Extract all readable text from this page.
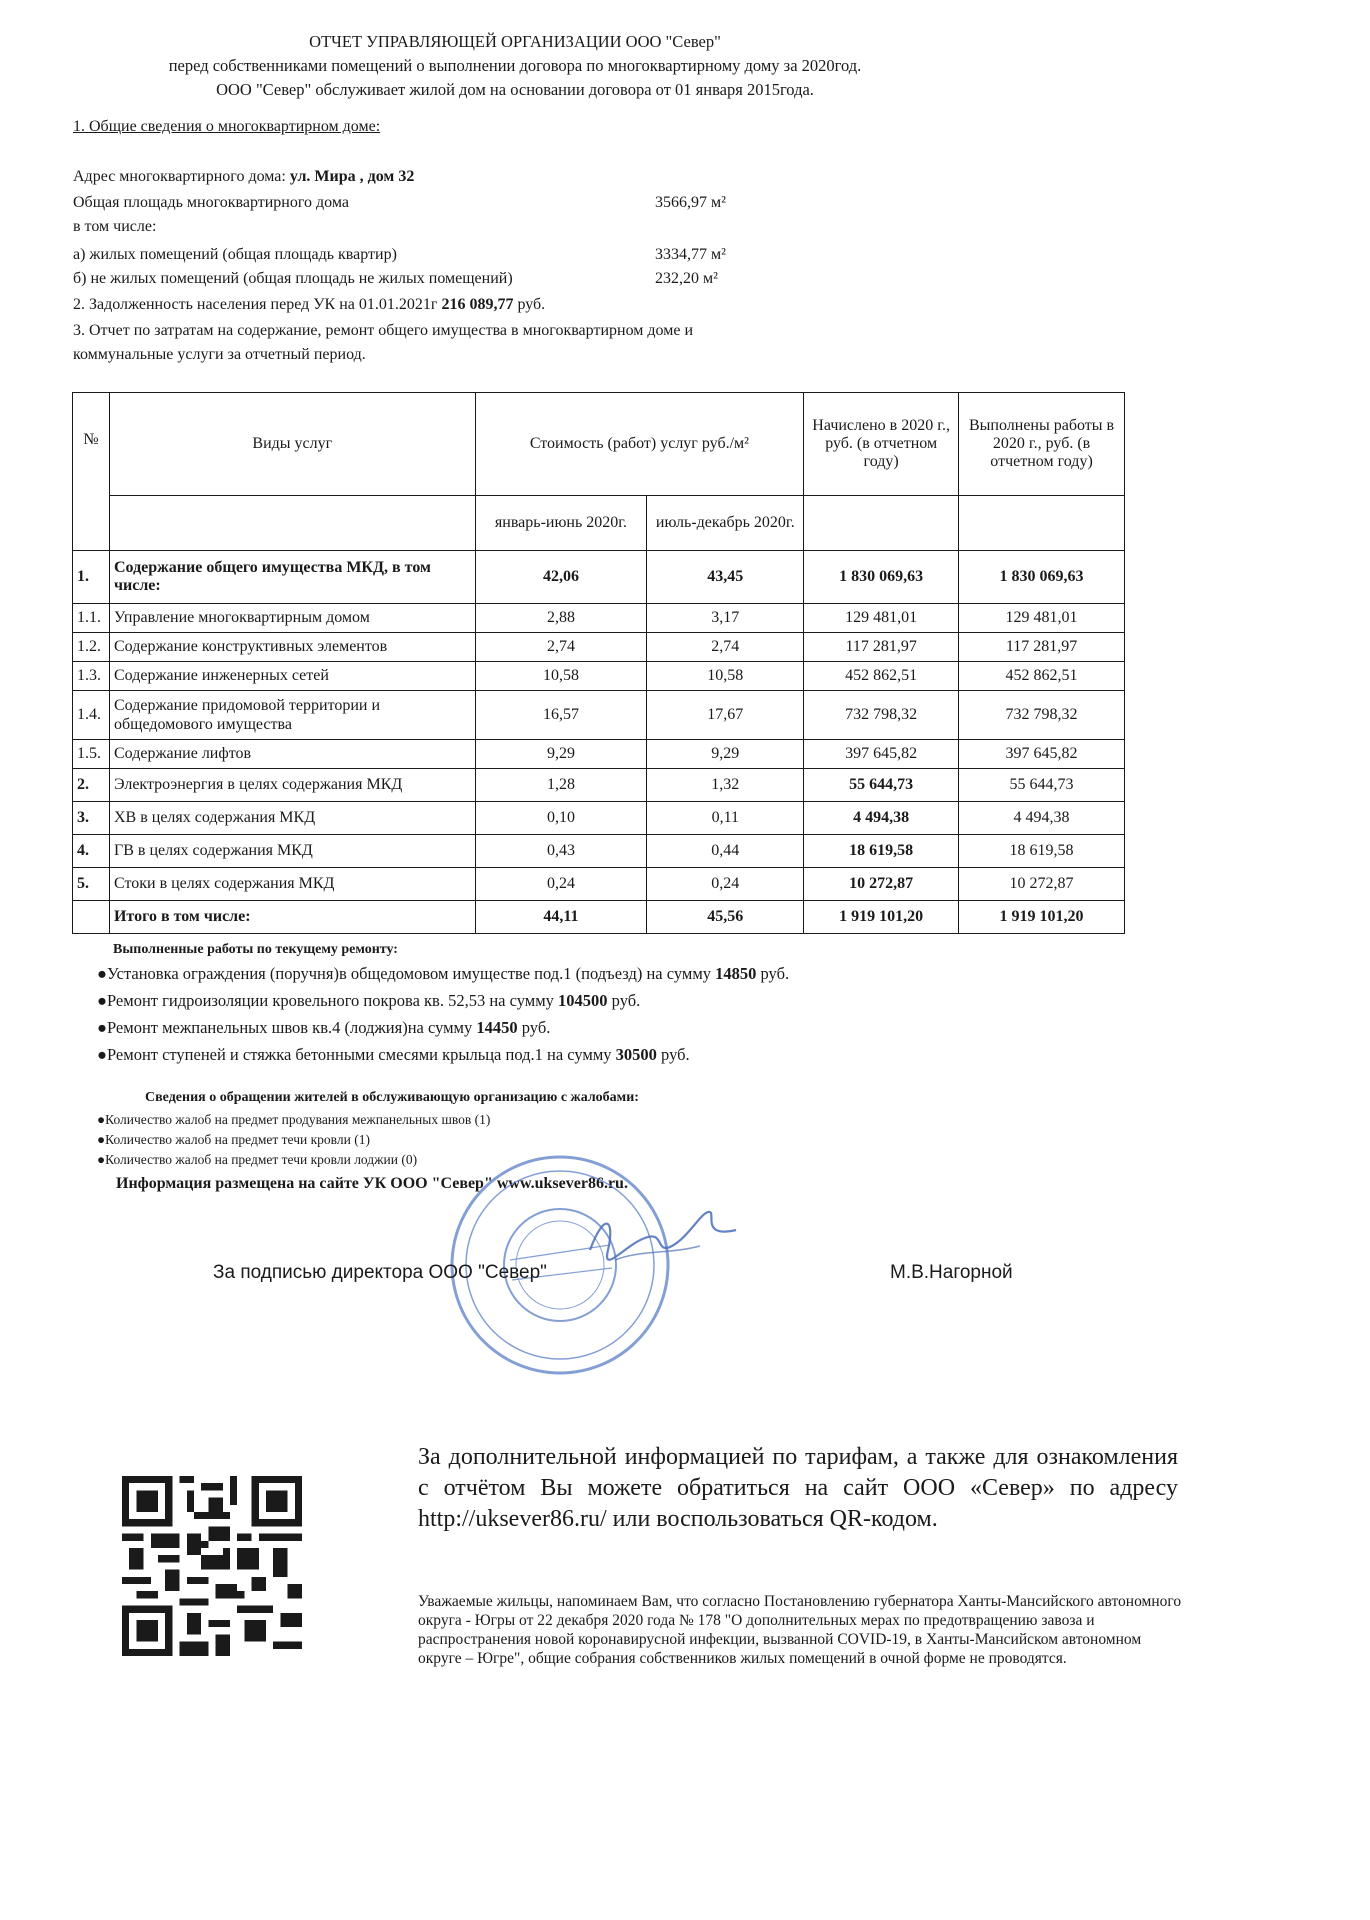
ОТЧЕТ УПРАВЛЯЮЩЕЙ ОРГАНИЗАЦИИ ООО "Север"
перед собственниками помещений о выполнении договора по многоквартирному дому за 2020год.
ООО "Север" обслуживает жилой дом на основании договора от 01 января 2015года.
1. Общие сведения о многоквартирном доме:
Адрес многоквартирного дома: ул. Мира , дом 32
Общая площадь многоквартирного дома	3566,97 м²
в том числе:
а) жилых помещений (общая площадь квартир)	3334,77 м²
б) не жилых помещений (общая площадь не жилых помещений)	232,20 м²
2. Задолженность населения перед УК на 01.01.2021г 216 089,77 руб.
3. Отчет по затратам на содержание, ремонт общего имущества в многоквартирном доме и
коммунальные услуги за отчетный период.
№	Виды услуг	Стоимость (работ) услуг руб./м²		Начислено в 2020 г., руб. (в отчетном году)	Выполнены работы в 2020 г., руб. (в отчетном году)
		январь-июнь 2020г.	июль-декабрь 2020г.		
1.	Содержание общего имущества МКД, в том числе:	42,06	43,45	1 830 069,63	1 830 069,63
1.1.	Управление многоквартирным домом	2,88	3,17	129 481,01	129 481,01
1.2.	Содержание конструктивных элементов	2,74	2,74	117 281,97	117 281,97
1.3.	Содержание инженерных сетей	10,58	10,58	452 862,51	452 862,51
1.4.	Содержание придомовой территории и общедомового имущества	16,57	17,67	732 798,32	732 798,32
1.5.	Содержание лифтов	9,29	9,29	397 645,82	397 645,82
2.	Электроэнергия в целях содержания МКД	1,28	1,32	55 644,73	55 644,73
3.	ХВ в целях содержания МКД	0,10	0,11	4 494,38	4 494,38
4.	ГВ в целях содержания МКД	0,43	0,44	18 619,58	18 619,58
5.	Стоки в целях содержания МКД	0,24	0,24	10 272,87	10 272,87
	Итого в том числе:	44,11	45,56	1 919 101,20	1 919 101,20
Выполненные работы по текущему ремонту:
●Установка ограждения (поручня)в общедомовом имуществе под.1 (подъезд) на сумму 14850 руб.
●Ремонт гидроизоляции кровельного покрова кв. 52,53 на сумму 104500 руб.
●Ремонт межпанельных швов кв.4 (лоджия)на сумму 14450 руб.
●Ремонт ступеней и стяжка бетонными смесями крыльца под.1 на сумму 30500 руб.
Сведения о обращении жителей в обслуживающую организацию с жалобами:
●Количество жалоб на предмет продувания межпанельных швов (1)
●Количество жалоб на предмет течи кровли (1)
●Количество жалоб на предмет течи кровли лоджии (0)
Информация размещена на сайте УК ООО "Север" www.uksever86.ru.
За подписью директора ООО "Север"	М.В.Нагорной
За дополнительной информацией по тарифам, а также для ознакомления с отчётом Вы можете обратиться на сайт ООО «Север» по адресу http://uksever86.ru/ или воспользоваться QR-кодом.
Уважаемые жильцы, напоминаем Вам, что согласно Постановлению губернатора Ханты-Мансийского автономного округа - Югры от 22 декабря 2020 года № 178 "О дополнительных мерах по предотвращению завоза и распространения новой коронавирусной инфекции, вызванной COVID-19, в Ханты-Мансийском автономном округе – Югре", общие собрания собственников жилых помещений в очной форме не проводятся.
